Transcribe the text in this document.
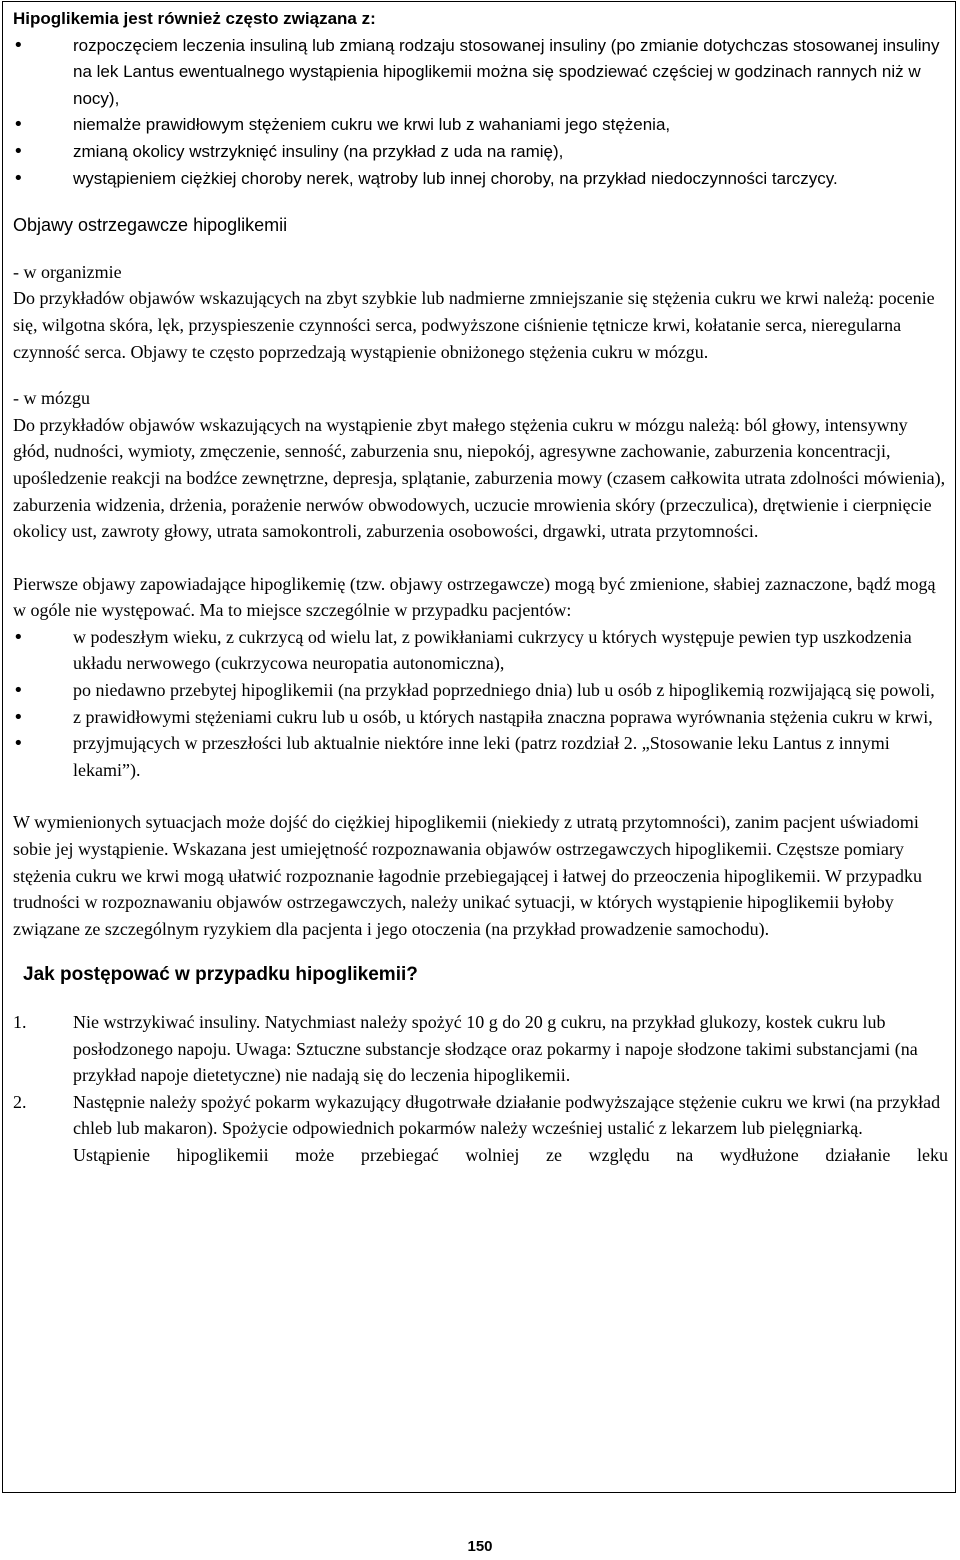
Hipoglikemia jest również często związana z:

•
rozpoczęciem leczenia insuliną lub zmianą rodzaju stosowanej insuliny (po zmianie dotychczas stosowanej insuliny na lek Lantus ewentualnego wystąpienia hipoglikemii można się spodziewać częściej w godzinach rannych niż w nocy),
•
niemalże prawidłowym stężeniem cukru we krwi lub z wahaniami jego stężenia,
•
zmianą okolicy wstrzyknięć insuliny (na przykład z uda na ramię),
•
wystąpieniem ciężkiej choroby nerek, wątroby lub innej choroby, na przykład niedoczynności tarczycy.

Objawy ostrzegawcze hipoglikemii

- w organizmie

Do przykładów objawów wskazujących na zbyt szybkie lub nadmierne zmniejszanie się stężenia cukru we krwi należą: pocenie się, wilgotna skóra, lęk, przyspieszenie czynności serca, podwyższone ciśnienie tętnicze krwi, kołatanie serca, nieregularna czynność serca. Objawy te często poprzedzają wystąpienie obniżonego stężenia cukru w mózgu.

- w mózgu

Do przykładów objawów wskazujących na wystąpienie zbyt małego stężenia cukru w mózgu należą: ból głowy, intensywny głód, nudności, wymioty, zmęczenie, senność, zaburzenia snu, niepokój, agresywne zachowanie, zaburzenia koncentracji, upośledzenie reakcji na bodźce zewnętrzne, depresja, splątanie, zaburzenia mowy (czasem całkowita utrata zdolności mówienia), zaburzenia widzenia, drżenia, porażenie nerwów obwodowych, uczucie mrowienia skóry (przeczulica), drętwienie i cierpnięcie okolicy ust, zawroty głowy, utrata samokontroli, zaburzenia osobowości, drgawki, utrata przytomności.

Pierwsze objawy zapowiadające hipoglikemię (tzw. objawy ostrzegawcze) mogą być zmienione, słabiej zaznaczone, bądź mogą w ogóle nie występować. Ma to miejsce szczególnie w przypadku pacjentów:

•
w podeszłym wieku, z cukrzycą od wielu lat, z powikłaniami cukrzycy u których występuje pewien typ uszkodzenia układu nerwowego (cukrzycowa neuropatia autonomiczna),
•
po niedawno przebytej hipoglikemii (na przykład poprzedniego dnia) lub u osób z hipoglikemią rozwijającą się powoli,
•
z prawidłowymi stężeniami cukru lub u osób, u których nastąpiła znaczna poprawa wyrównania stężenia cukru w krwi,
•
przyjmujących w przeszłości lub aktualnie niektóre inne leki (patrz rozdział 2. „Stosowanie leku Lantus z innymi lekami”).

W wymienionych sytuacjach może dojść do ciężkiej hipoglikemii (niekiedy z utratą przytomności), zanim pacjent uświadomi sobie jej wystąpienie. Wskazana jest umiejętność rozpoznawania objawów ostrzegawczych hipoglikemii. Częstsze pomiary stężenia cukru we krwi mogą ułatwić rozpoznanie łagodnie przebiegającej i łatwej do przeoczenia hipoglikemii. W przypadku trudności w rozpoznawaniu objawów ostrzegawczych, należy unikać sytuacji, w których wystąpienie hipoglikemii byłoby związane ze szczególnym ryzykiem dla pacjenta i jego otoczenia (na przykład prowadzenie samochodu).

Jak postępować w przypadku hipoglikemii?

1.	Nie wstrzykiwać insuliny. Natychmiast należy spożyć 10 g do 20 g cukru, na przykład glukozy, kostek cukru lub posłodzonego napoju. Uwaga: Sztuczne substancje słodzące oraz pokarmy i napoje słodzone takimi substancjami (na przykład napoje dietetyczne) nie nadają się do leczenia hipoglikemii.
2.	Następnie należy spożyć pokarm wykazujący długotrwałe działanie podwyższające stężenie cukru we krwi (na przykład chleb lub makaron). Spożycie odpowiednich pokarmów należy wcześniej ustalić z lekarzem lub pielęgniarką.

Ustąpienie hipoglikemii może przebiegać wolniej ze względu na wydłużone działanie leku

150
